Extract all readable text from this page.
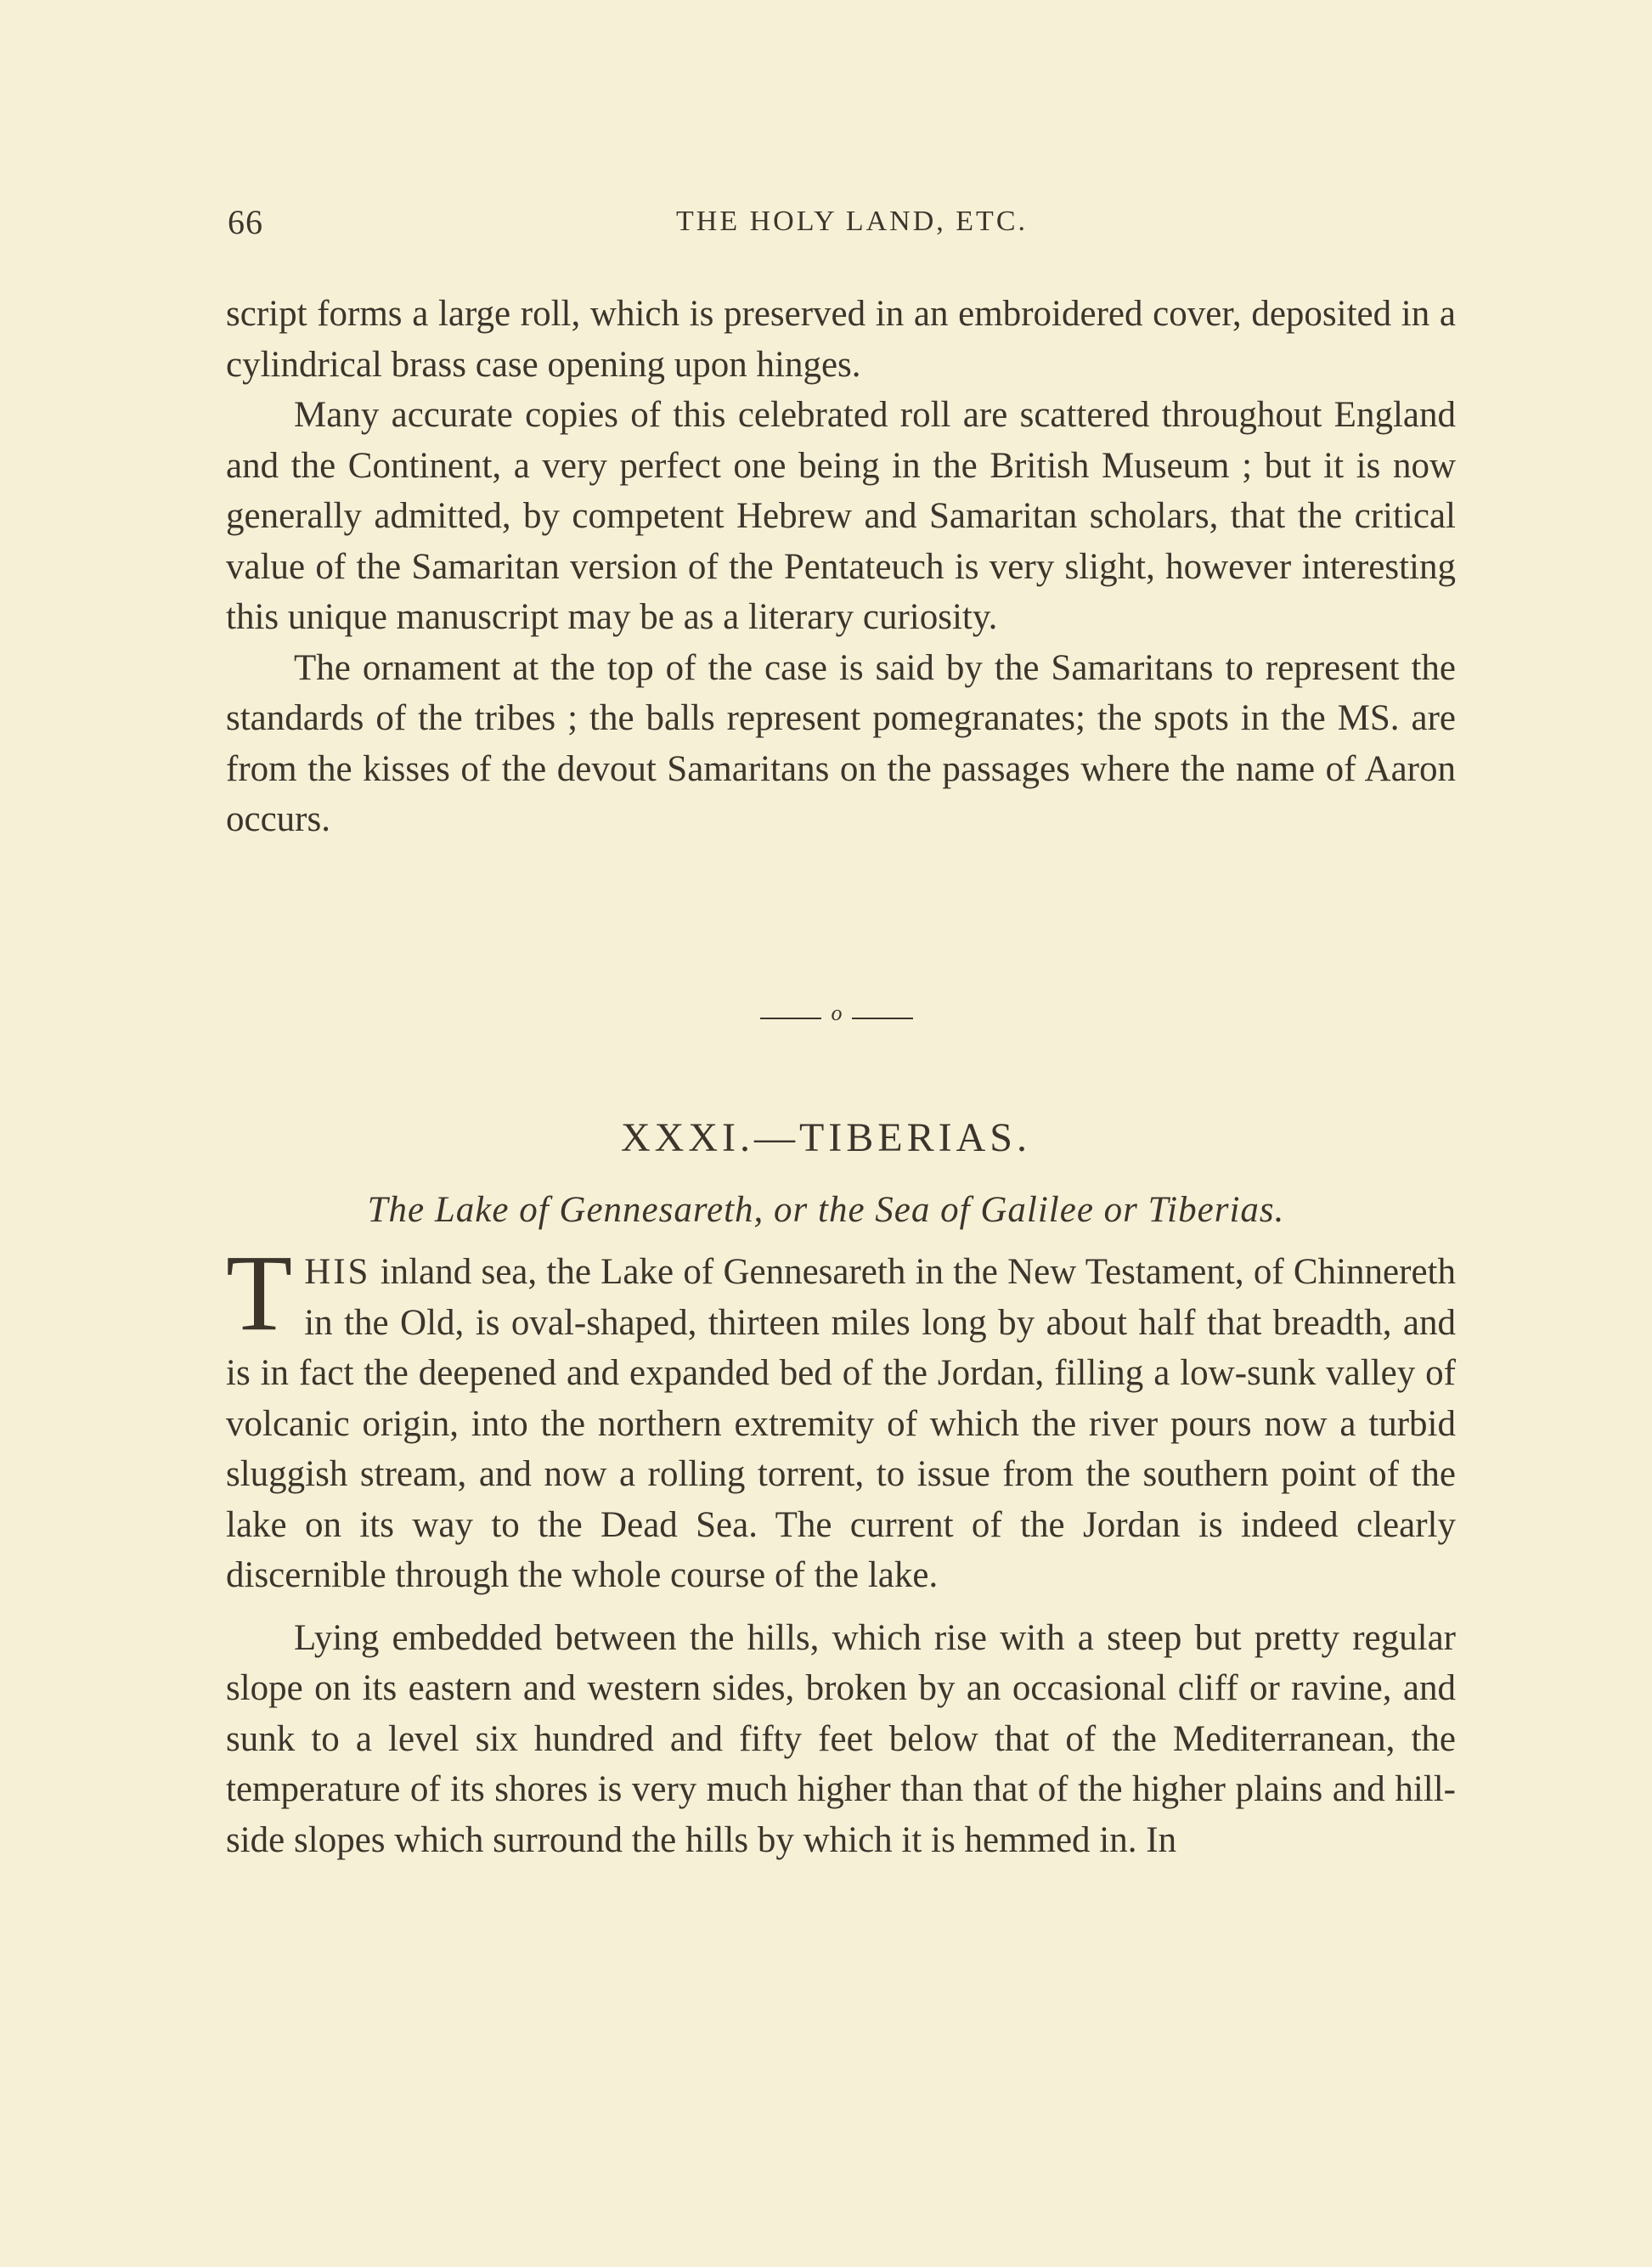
66	THE HOLY LAND, ETC.

script forms a large roll, which is preserved in an embroidered cover, deposited in a cylindrical brass case opening upon hinges.

Many accurate copies of this celebrated roll are scattered throughout England and the Continent, a very perfect one being in the British Museum ; but it is now generally admitted, by competent Hebrew and Samaritan scholars, that the critical value of the Samaritan version of the Pentateuch is very slight, however interesting this unique manuscript may be as a literary curiosity.

The ornament at the top of the case is said by the Samaritans to represent the standards of the tribes ; the balls represent pomegranates; the spots in the MS. are from the kisses of the devout Samaritans on the passages where the name of Aaron occurs.

o
XXXI.—TIBERIAS.
The Lake of Gennesareth, or the Sea of Galilee or Tiberias.

THIS inland sea, the Lake of Gennesareth in the New Testament, of Chinnereth in the Old, is oval-shaped, thirteen miles long by about half that breadth, and is in fact the deepened and expanded bed of the Jordan, filling a low-sunk valley of volcanic origin, into the northern extremity of which the river pours now a turbid sluggish stream, and now a rolling torrent, to issue from the southern point of the lake on its way to the Dead Sea. The current of the Jordan is indeed clearly discernible through the whole course of the lake.

Lying embedded between the hills, which rise with a steep but pretty regular slope on its eastern and western sides, broken by an occasional cliff or ravine, and sunk to a level six hundred and fifty feet below that of the Mediterranean, the temperature of its shores is very much higher than that of the higher plains and hill-side slopes which surround the hills by which it is hemmed in. In
